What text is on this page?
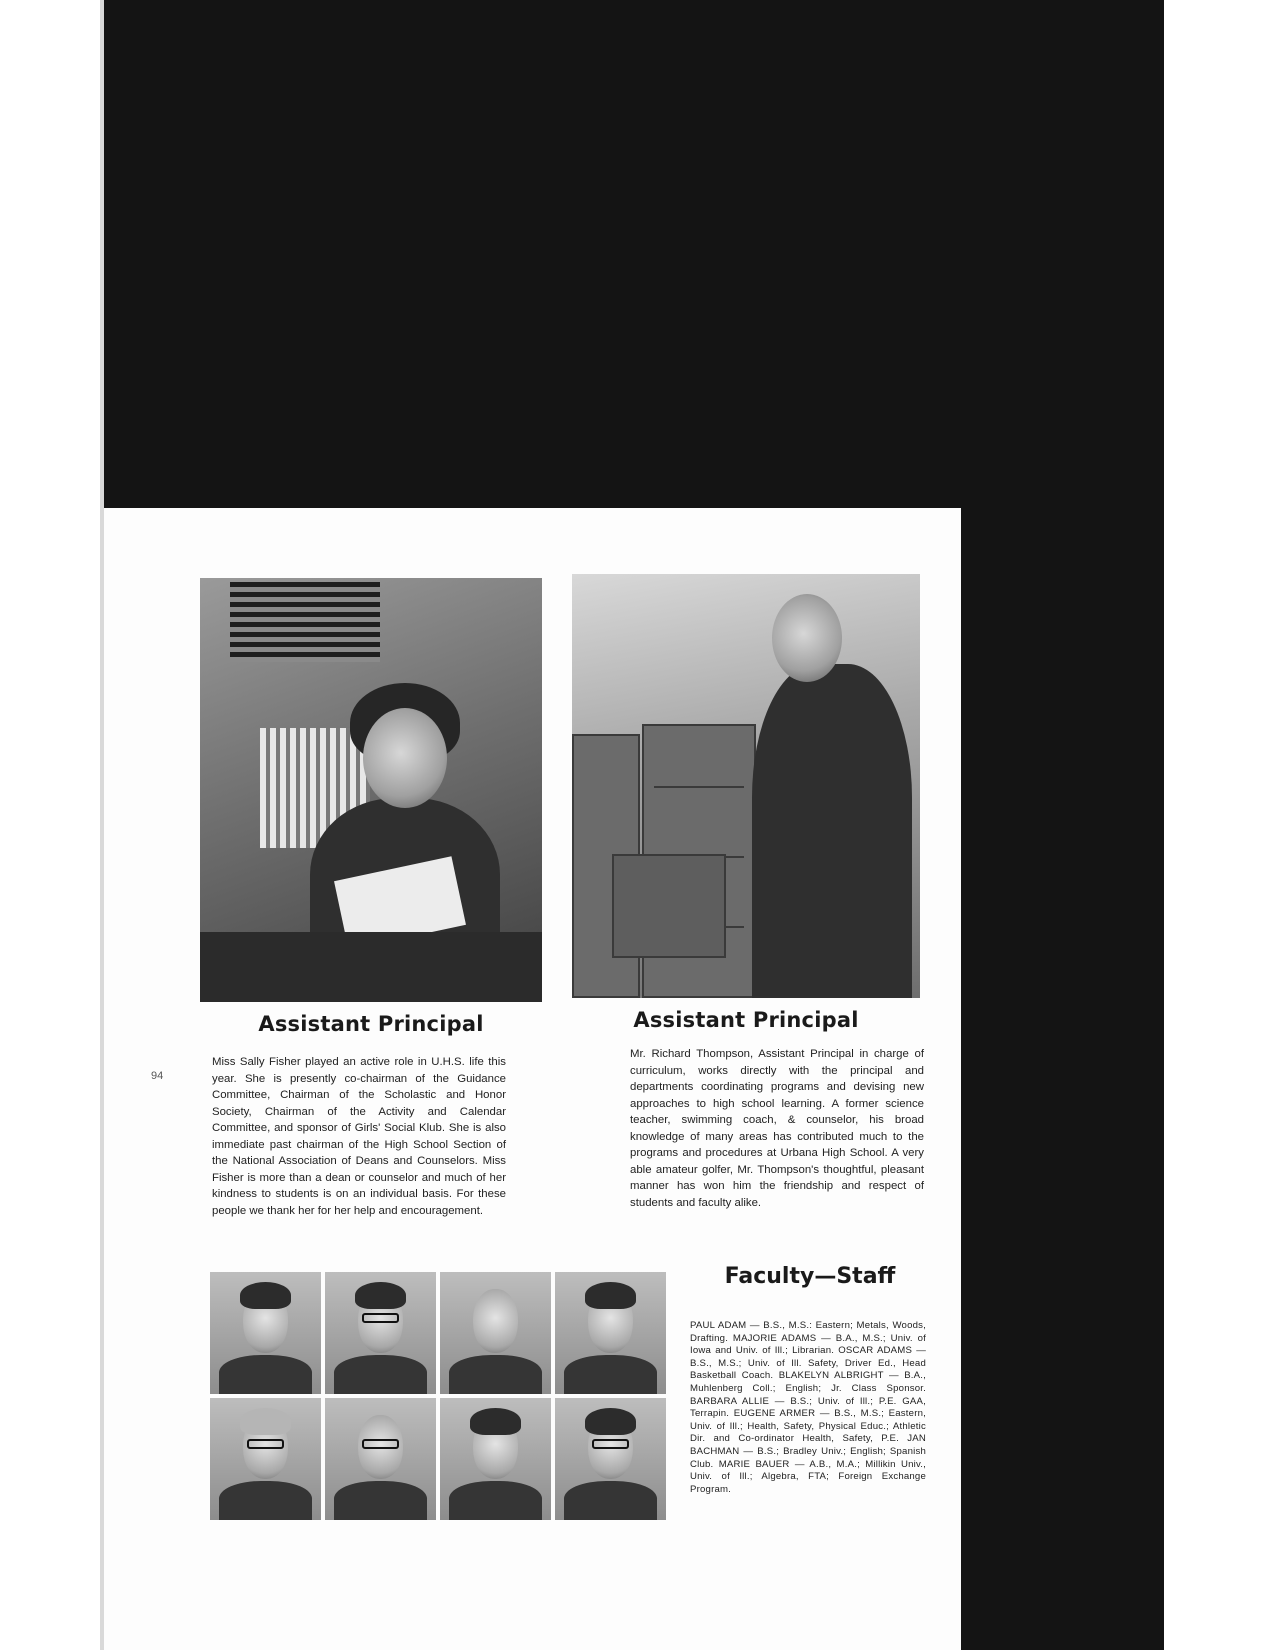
94
Assistant Principal	Assistant Principal
Miss Sally Fisher played an active role in U.H.S. life this year. She is presently co-chairman of the Guidance Committee, Chairman of the Scholastic and Honor Society, Chairman of the Activity and Calendar Committee, and sponsor of Girls' Social Klub. She is also immediate past chairman of the High School Section of the National Association of Deans and Counselors. Miss Fisher is more than a dean or counselor and much of her kindness to students is on an individual basis. For these people we thank her for her help and encouragement.
Mr. Richard Thompson, Assistant Principal in charge of curriculum, works directly with the principal and departments coordinating programs and devising new approaches to high school learning. A former science teacher, swimming coach, & counselor, his broad knowledge of many areas has contributed much to the programs and procedures at Urbana High School. A very able amateur golfer, Mr. Thompson's thoughtful, pleasant manner has won him the friendship and respect of students and faculty alike.
Faculty—Staff
PAUL ADAM — B.S., M.S.: Eastern; Metals, Woods, Drafting. MAJORIE ADAMS — B.A., M.S.; Univ. of Iowa and Univ. of Ill.; Librarian. OSCAR ADAMS — B.S., M.S.; Univ. of Ill. Safety, Driver Ed., Head Basketball Coach. BLAKELYN ALBRIGHT — B.A., Muhlenberg Coll.; English; Jr. Class Sponsor. BARBARA ALLIE — B.S.; Univ. of Ill.; P.E. GAA, Terrapin. EUGENE ARMER — B.S., M.S.; Eastern, Univ. of Ill.; Health, Safety, Physical Educ.; Athletic Dir. and Co-ordinator Health, Safety, P.E. JAN BACHMAN — B.S.; Bradley Univ.; English; Spanish Club. MARIE BAUER — A.B., M.A.; Millikin Univ., Univ. of Ill.; Algebra, FTA; Foreign Exchange Program.
